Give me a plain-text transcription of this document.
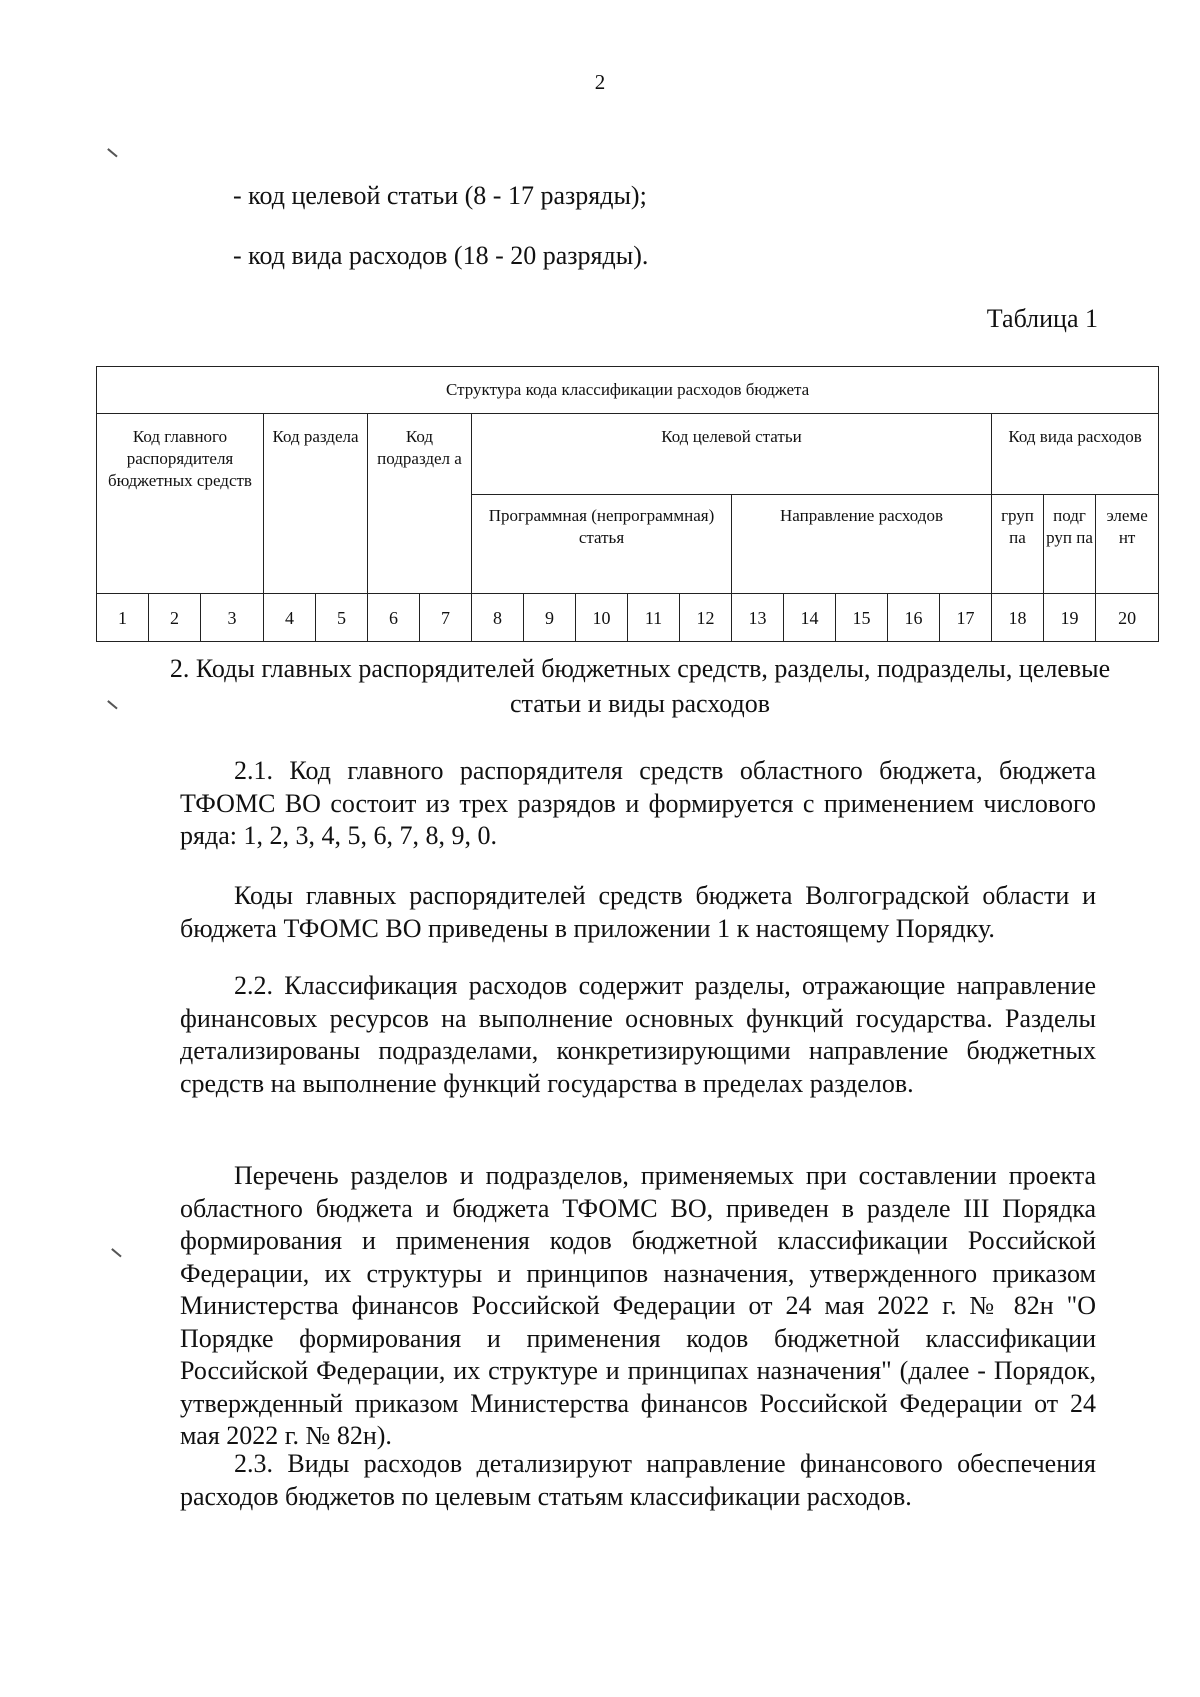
2
- код целевой статьи (8 - 17 разряды);
- код вида расходов (18 - 20 разряды).
Таблица 1
Структура кода классификации расходов бюджета																			
Код главного распорядителя бюджетных средств			Код раздела		Код подраздел а		Код целевой статьи										Код вида расходов		
							Программная (непрограммная) статья					Направление расходов					груп па	подг руп па	элеме нт
1	2	3	4	5	6	7	8	9	10	11	12	13	14	15	16	17	18	19	20
2. Коды главных распорядителей бюджетных средств, разделы, подразделы, целевые статьи и виды расходов
2.1. Код главного распорядителя средств областного бюджета, бюджета ТФОМС ВО состоит из трех разрядов и формируется с применением числового ряда: 1, 2, 3, 4, 5, 6, 7, 8, 9, 0.
Коды главных распорядителей средств бюджета Волгоградской области и бюджета ТФОМС ВО приведены в приложении 1 к настоящему Порядку.
2.2. Классификация расходов содержит разделы, отражающие направление финансовых ресурсов на выполнение основных функций государства. Разделы детализированы подразделами, конкретизирующими направление бюджетных средств на выполнение функций государства в пределах разделов.
Перечень разделов и подразделов, применяемых при составлении проекта областного бюджета и бюджета ТФОМС ВО, приведен в разделе III Порядка формирования и применения кодов бюджетной классификации Российской Федерации, их структуры и принципов назначения, утвержденного приказом Министерства финансов Российской Федерации от 24 мая 2022 г. № 82н "О Порядке формирования и применения кодов бюджетной классификации Российской Федерации, их структуре и принципах назначения" (далее - Порядок, утвержденный приказом Министерства финансов Российской Федерации от 24 мая 2022 г. № 82н).
2.3. Виды расходов детализируют направление финансового обеспечения расходов бюджетов по целевым статьям классификации расходов.
